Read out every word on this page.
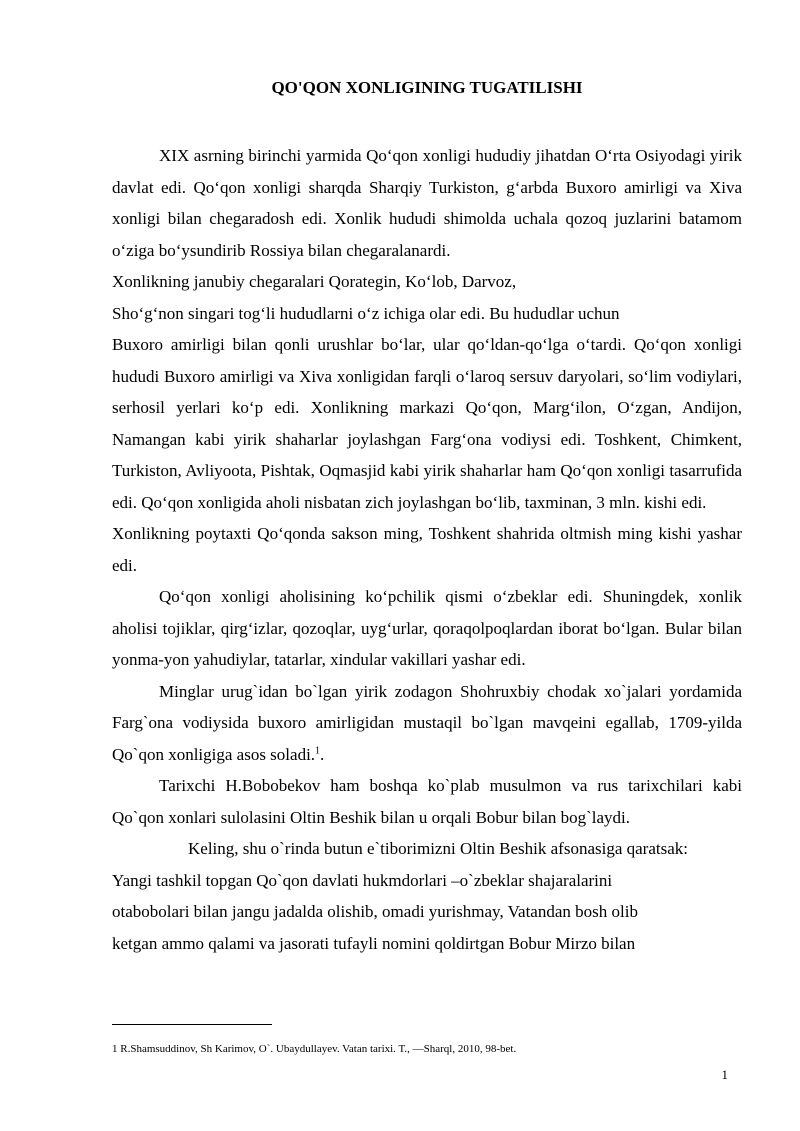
QO'QON XONLIGINING TUGATILISHI

XIX asrning birinchi yarmida Qo‘qon xonligi hududiy jihatdan O‘rta Osiyodagi yirik davlat edi. Qo‘qon xonligi sharqda Sharqiy Turkiston, g‘arbda Buxoro amirligi va Xiva xonligi bilan chegaradosh edi. Xonlik hududi shimolda uchala qozoq juzlarini batamom o‘ziga bo‘ysundirib Rossiya bilan chegaralanardi.

Xonlikning janubiy chegaralari Qorategin, Ko‘lob, Darvoz,

Sho‘g‘non singari tog‘li hududlarni o‘z ichiga olar edi. Bu hududlar uchun

Buxoro amirligi bilan qonli urushlar bo‘lar, ular qo‘ldan-qo‘lga o‘tardi. Qo‘qon xonligi hududi Buxoro amirligi va Xiva xonligidan farqli o‘laroq sersuv daryolari, so‘lim vodiylari, serhosil yerlari ko‘p edi. Xonlikning markazi Qo‘qon, Marg‘ilon, O‘zgan, Andijon, Namangan kabi yirik shaharlar joylashgan Farg‘ona vodiysi edi. Toshkent, Chimkent, Turkiston, Avliyoota, Pishtak, Oqmasjid kabi yirik shaharlar ham Qo‘qon xonligi tasarrufida edi. Qo‘qon xonligida aholi nisbatan zich joylashgan bo‘lib, taxminan, 3 mln. kishi edi.

Xonlikning poytaxti Qo‘qonda sakson ming, Toshkent shahrida oltmish ming kishi yashar edi.

Qo‘qon xonligi aholisining ko‘pchilik qismi o‘zbeklar edi. Shuningdek, xonlik aholisi tojiklar, qirg‘izlar, qozoqlar, uyg‘urlar, qoraqolpoqlardan iborat bo‘lgan. Bular bilan yonma-yon yahudiylar, tatarlar, xindular vakillari yashar edi.

Minglar urug`idan bo`lgan yirik zodagon Shohruxbiy chodak xo`jalari yordamida Farg`ona vodiysida buxoro amirligidan mustaqil bo`lgan mavqeini egallab, 1709-yilda Qo`qon xonligiga asos soladi.$^1$.

Tarixchi H.Bobobekov ham boshqa ko`plab musulmon va rus tarixchilari kabi Qo`qon xonlari sulolasini Oltin Beshik bilan u orqali Bobur bilan bog`laydi.

Keling, shu o`rinda butun e`tiborimizni Oltin Beshik afsonasiga qaratsak:

Yangi tashkil topgan Qo`qon davlati hukmdorlari –o`zbeklar shajaralarini

otabobolari bilan jangu jadalda olishib, omadi yurishmay, Vatandan bosh olib

ketgan ammo qalami va jasorati tufayli nomini qoldirtgan Bobur Mirzo bilan

1 R.Shamsuddinov, Sh Karimov, O`. Ubaydullayev. Vatan tarixi. T., —Sharql, 2010, 98-bet.
1
